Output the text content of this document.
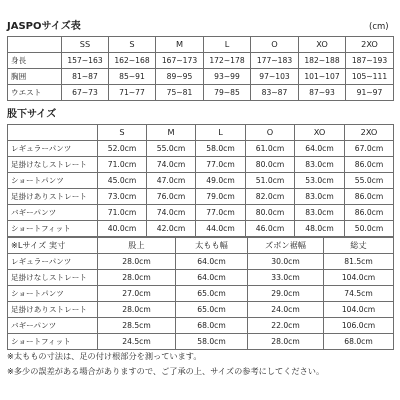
JASPOサイズ表	(cm)
	SS	S	M	L	O	XO	2XO
身長	157~163	162~168	167~173	172~178	177~183	182~188	187~193
胸囲	81~87	85~91	89~95	93~99	97~103	101~107	105~111
ウエスト	67~73	71~77	75~81	79~85	83~87	87~93	91~97
股下サイズ
	S	M	L	O	XO	2XO
レギュラーパンツ	52.0cm	55.0cm	58.0cm	61.0cm	64.0cm	67.0cm
足掛けなしストレート	71.0cm	74.0cm	77.0cm	80.0cm	83.0cm	86.0cm
ショートパンツ	45.0cm	47.0cm	49.0cm	51.0cm	53.0cm	55.0cm
足掛けありストレート	73.0cm	76.0cm	79.0cm	82.0cm	83.0cm	86.0cm
バギーパンツ	71.0cm	74.0cm	77.0cm	80.0cm	83.0cm	86.0cm
ショートフィット	40.0cm	42.0cm	44.0cm	46.0cm	48.0cm	50.0cm
※Lサイズ 実寸	股上	太もも幅	ズボン裾幅	総丈
レギュラーパンツ	28.0cm	64.0cm	30.0cm	81.5cm
足掛けなしストレート	28.0cm	64.0cm	33.0cm	104.0cm
ショートパンツ	27.0cm	65.0cm	29.0cm	74.5cm
足掛けありストレート	28.0cm	65.0cm	24.0cm	104.0cm
バギーパンツ	28.5cm	68.0cm	22.0cm	106.0cm
ショートフィット	24.5cm	58.0cm	28.0cm	68.0cm
※太ももの寸法は、足の付け根部分を測っています。
※多少の誤差がある場合がありますので、ご了承の上、サイズの参考にしてください。
